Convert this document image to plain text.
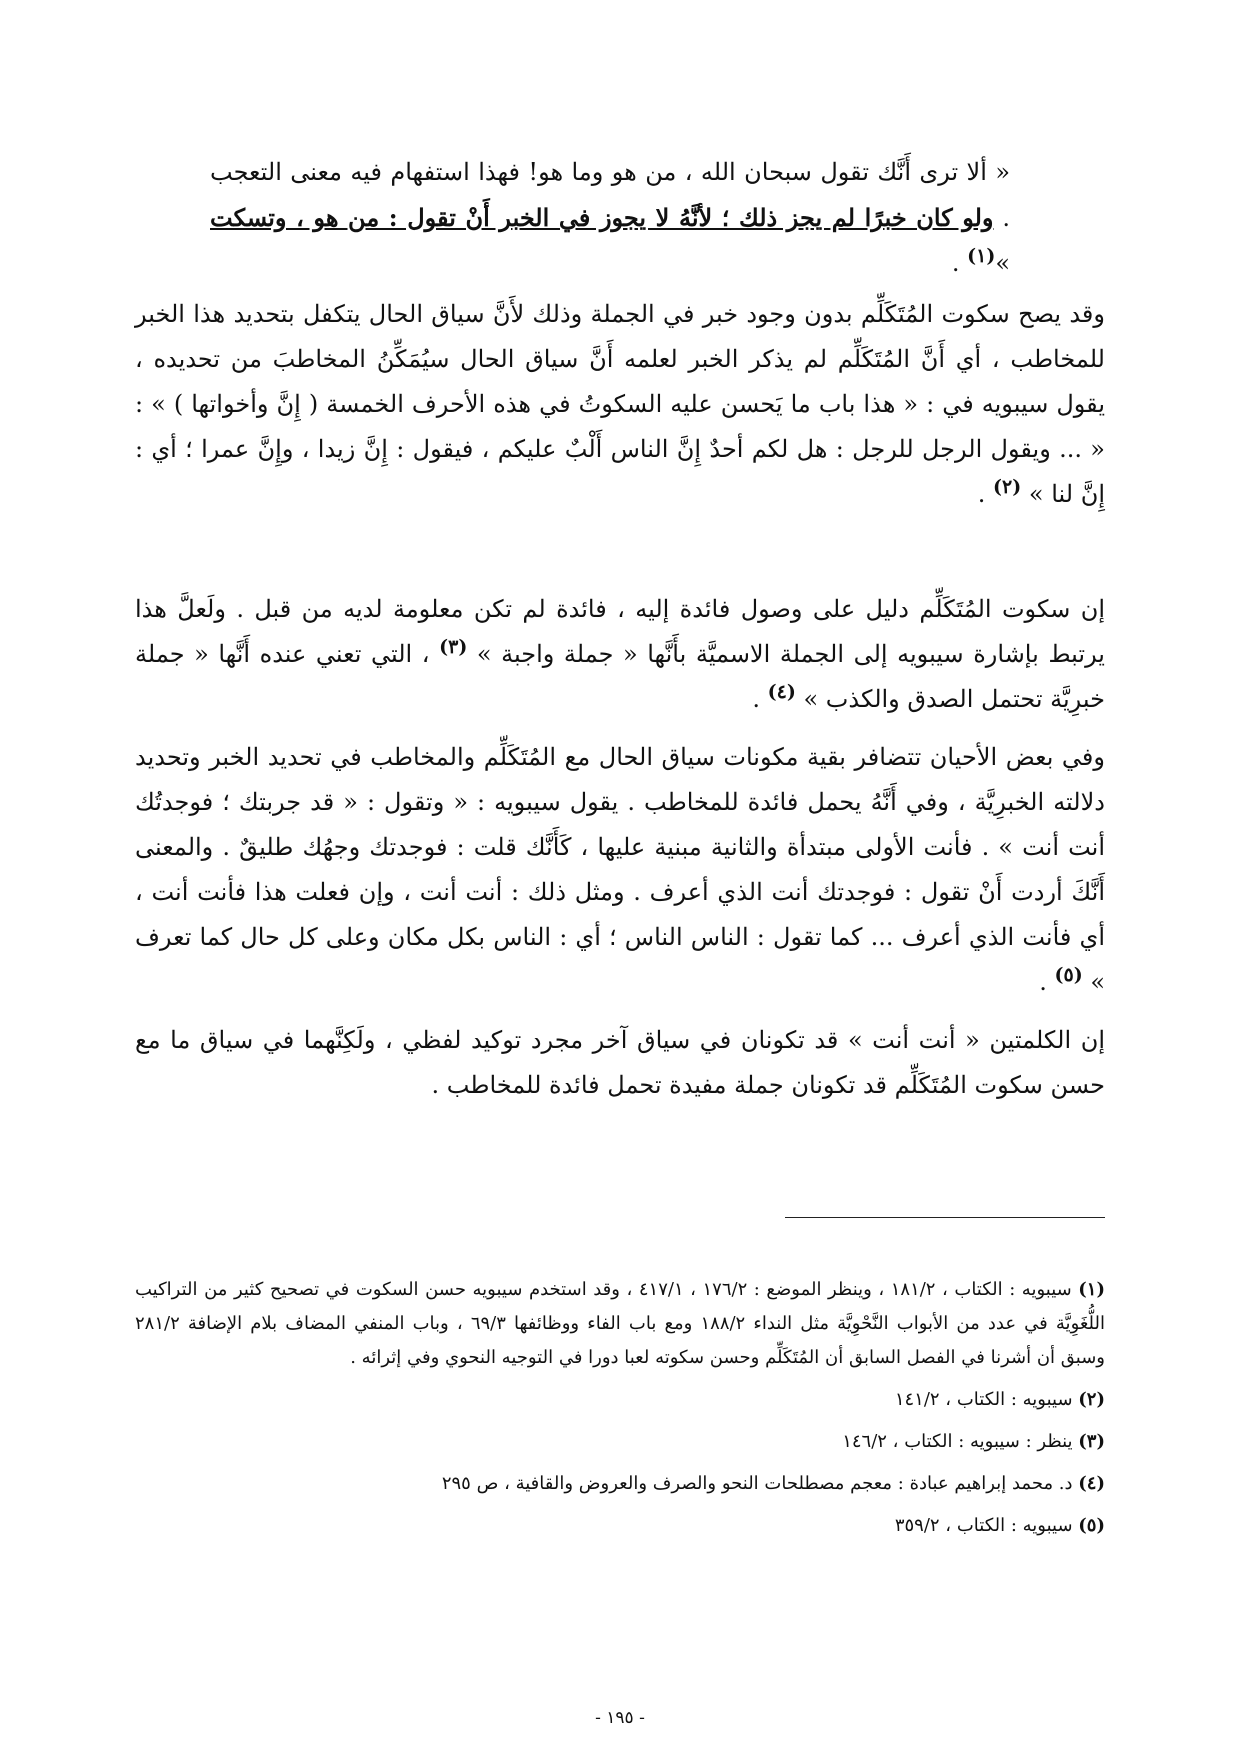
« ألا ترى أَنَّك تقول سبحان الله ، من هو وما هو! فهذا استفهام فيه معنى التعجب . ولو كان خبرًا لم يجز ذلك ؛ لأنَّهُ لا يجوز في الخبر أَنْ تقول : من هو ، وتسكت »$^{(١)}$ .

وقد يصح سكوت المُتَكَلِّم بدون وجود خبر في الجملة وذلك لأَنَّ سياق الحال يتكفل بتحديد هذا الخبر للمخاطب ، أي أَنَّ المُتَكَلِّم لم يذكر الخبر لعلمه أَنَّ سياق الحال سيُمَكِّنُ المخاطبَ من تحديده ، يقول سيبويه في : « هذا باب ما يَحسن عليه السكوتُ في هذه الأحرف الخمسة ( إِنَّ وأخواتها ) » : « ... ويقول الرجل للرجل : هل لكم أحدٌ إِنَّ الناس أَلْبٌ عليكم ، فيقول : إِنَّ زيدا ، وإِنَّ عمرا ؛ أي : إِنَّ لنا » $^{(٢)}$ .

إن سكوت المُتَكَلِّم دليل على وصول فائدة إليه ، فائدة لم تكن معلومة لديه من قبل . ولَعلَّ هذا يرتبط بإشارة سيبويه إلى الجملة الاسميَّة بأَنَّها « جملة واجبة » $^{(٣)}$ ، التي تعني عنده أَنَّها « جملة خبرِيَّة تحتمل الصدق والكذب » $^{(٤)}$ .

وفي بعض الأحيان تتضافر بقية مكونات سياق الحال مع المُتَكَلِّم والمخاطب في تحديد الخبر وتحديد دلالته الخبرِيَّة ، وفي أَنَّهُ يحمل فائدة للمخاطب . يقول سيبويه : « وتقول : « قد جربتك ؛ فوجدتُك أنت أنت » . فأنت الأولى مبتدأة والثانية مبنية عليها ، كَأَنَّك قلت : فوجدتك وجهُك طليقٌ . والمعنى أَنَّكَ أردت أَنْ تقول : فوجدتك أنت الذي أعرف . ومثل ذلك : أنت أنت ، وإن فعلت هذا فأنت أنت ، أي فأنت الذي أعرف ... كما تقول : الناس الناس ؛ أي : الناس بكل مكان وعلى كل حال كما تعرف » $^{(٥)}$ .

إن الكلمتين « أنت أنت » قد تكونان في سياق آخر مجرد توكيد لفظي ، ولَكِنَّهما في سياق ما مع حسن سكوت المُتَكَلِّم قد تكونان جملة مفيدة تحمل فائدة للمخاطب .

(١) سيبويه : الكتاب ، ١٨١/٢ ، وينظر الموضع : ١٧٦/٢ ، ٤١٧/١ ، وقد استخدم سيبويه حسن السكوت في تصحيح كثير من التراكيب اللُّغَوِيَّة في عدد من الأبواب النَّحْوِيَّة مثل النداء ١٨٨/٢ ومع باب الفاء ووظائفها ٦٩/٣ ، وباب المنفي المضاف بلام الإضافة ٢٨١/٢ وسبق أن أشرنا في الفصل السابق أن المُتَكَلِّم وحسن سكوته لعبا دورا في التوجيه النحوي وفي إثرائه .

(٢) سيبويه : الكتاب ، ١٤١/٢

(٣) ينظر : سيبويه : الكتاب ، ١٤٦/٢

(٤) د. محمد إبراهيم عبادة : معجم مصطلحات النحو والصرف والعروض والقافية ، ص ٢٩٥

(٥) سيبويه : الكتاب ، ٣٥٩/٢

- ١٩٥ -
